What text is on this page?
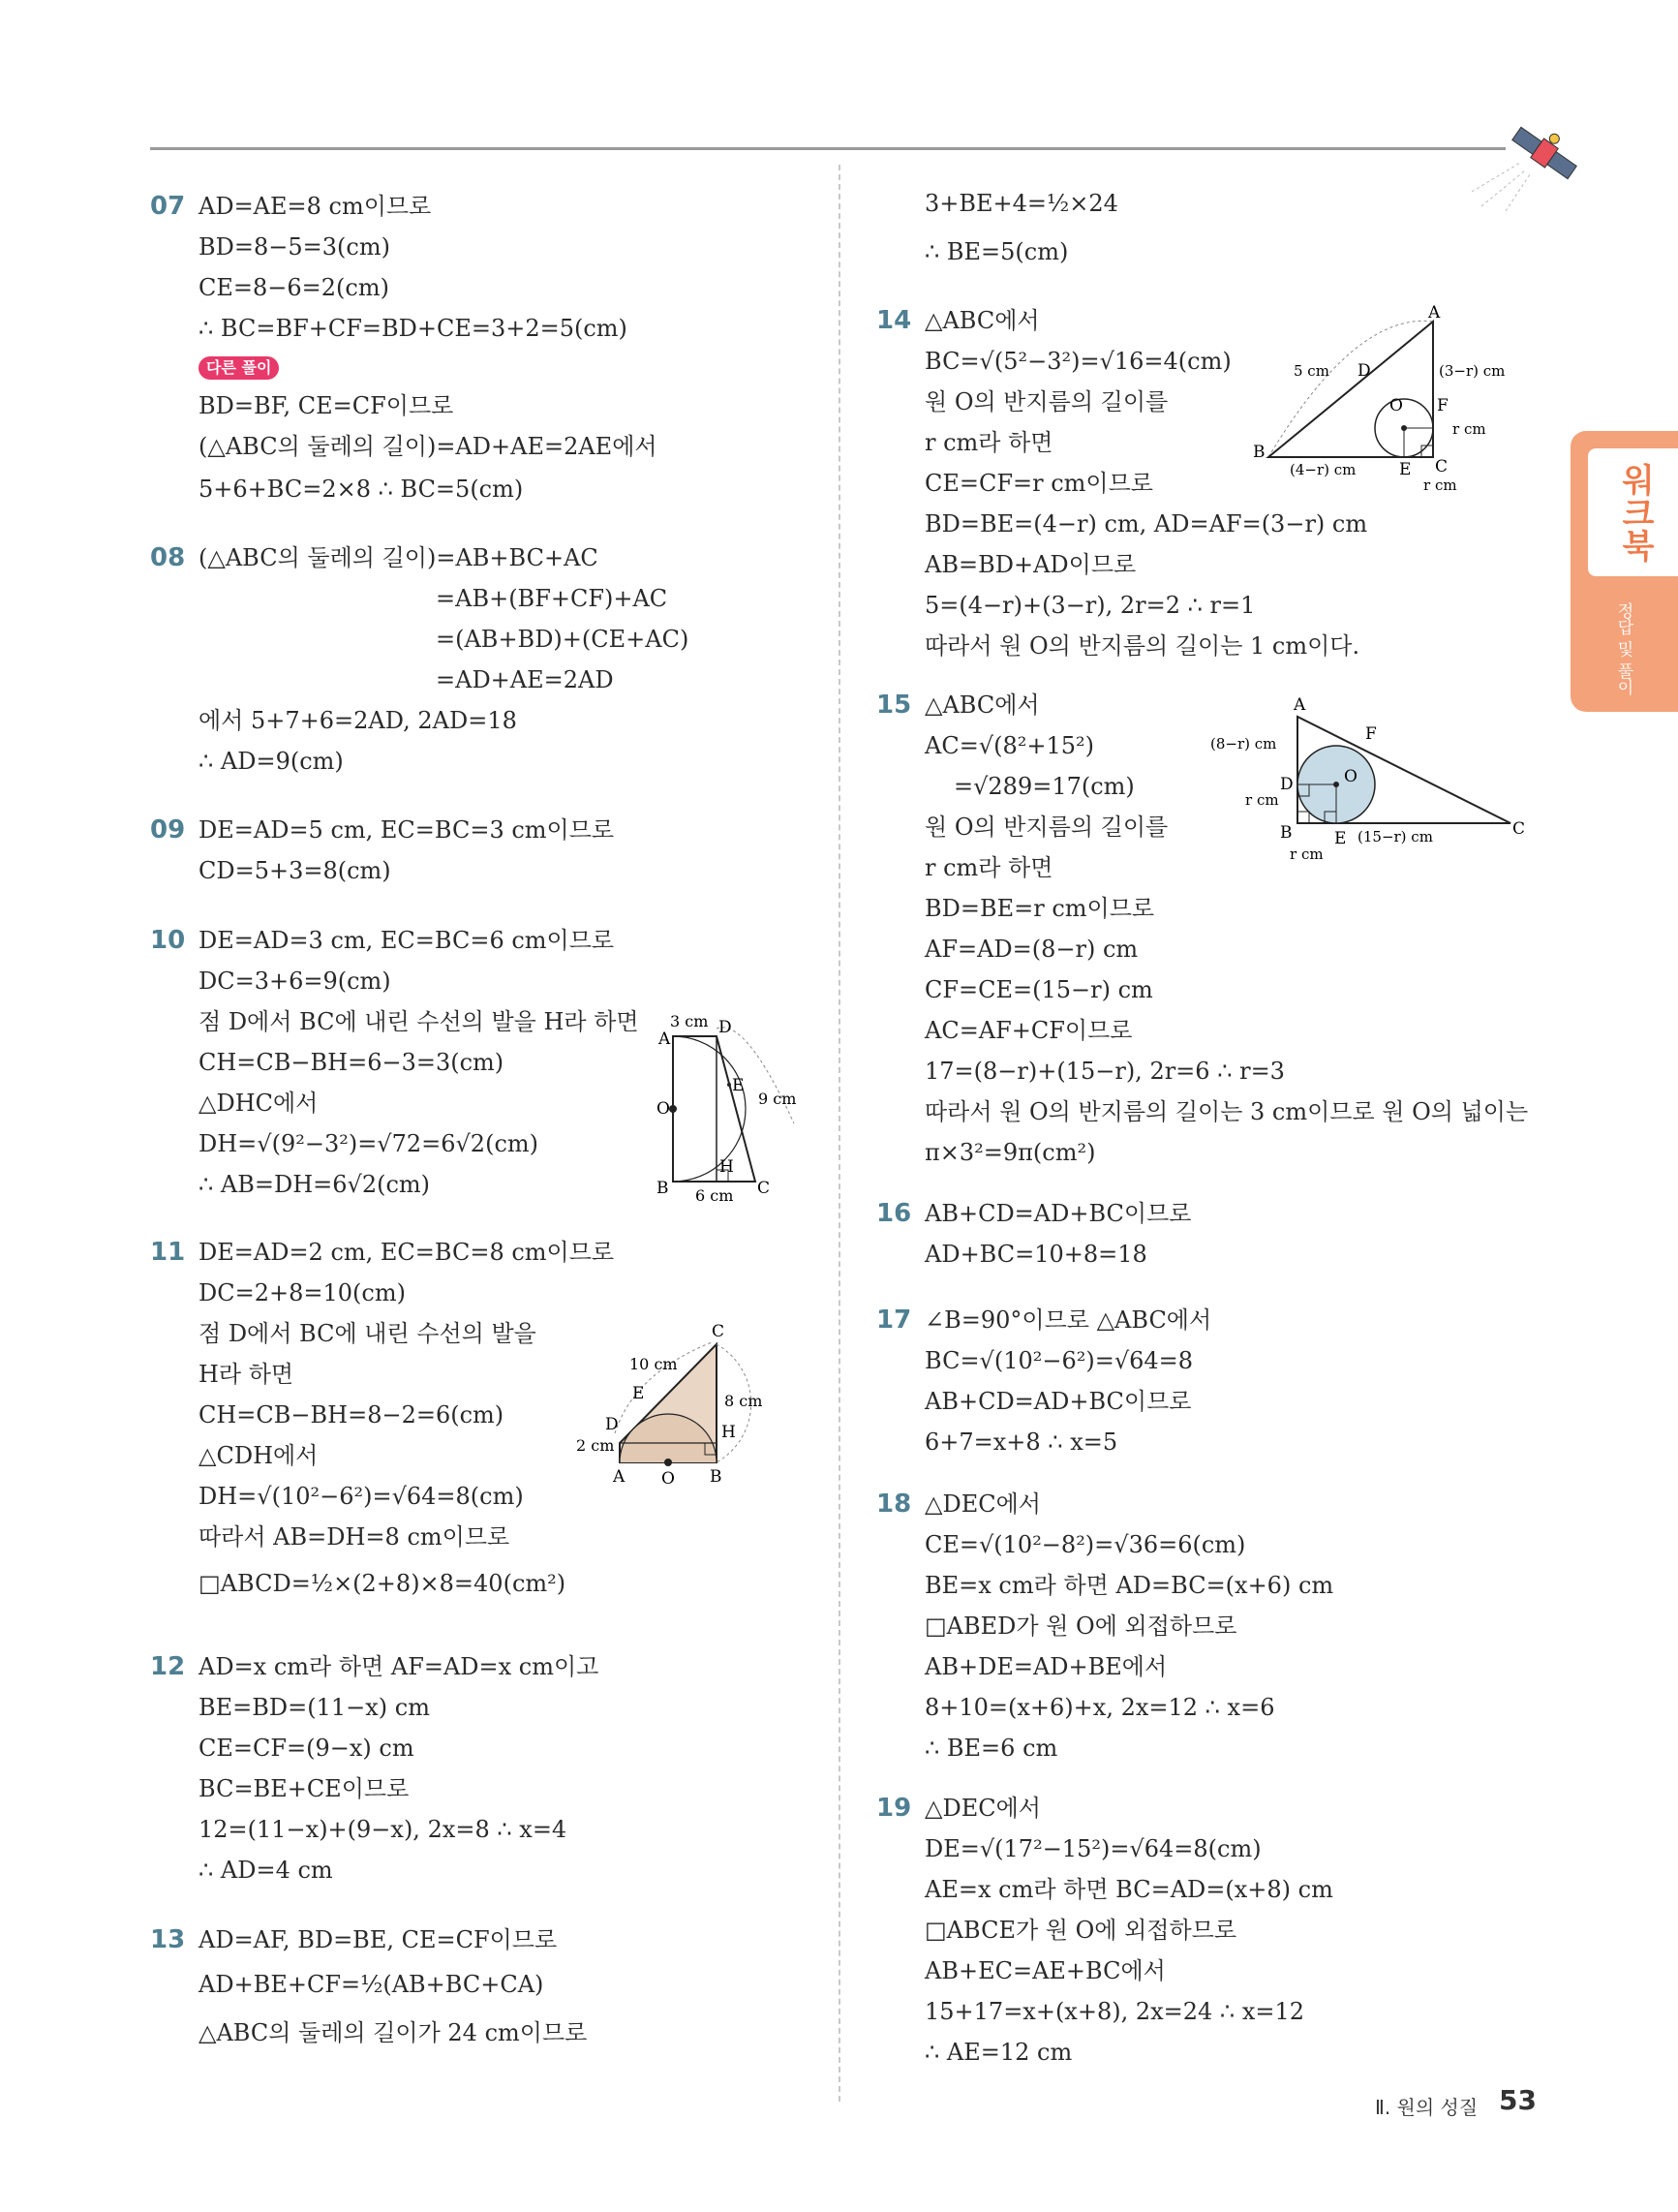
07 AD=AE=8 cm이므로
BD=8−5=3(cm)
CE=8−6=2(cm)
∴ BC=BF+CF=BD+CE=3+2=5(cm)
다른 풀이
BD=BF, CE=CF이므로
(△ABC의 둘레의 길이)=AD+AE=2AE에서
5+6+BC=2×8 ∴ BC=5(cm)
08 (△ABC의 둘레의 길이)=AB+BC+AC
=AB+(BF+CF)+AC
=(AB+BD)+(CE+AC)
=AD+AE=2AD
에서 5+7+6=2AD, 2AD=18
∴ AD=9(cm)
09 DE=AD=5 cm, EC=BC=3 cm이므로
CD=5+3=8(cm)
10 DE=AD=3 cm, EC=BC=6 cm이므로
DC=3+6=9(cm)
점 D에서 BC에 내린 수선의 발을 H라 하면
CH=CB−BH=6−3=3(cm)
△DHC에서
DH=√(9²−3²)=√72=6√2(cm)
∴ AB=DH=6√2(cm)
A
D
E
O
B	C
H
3 cm
9 cm
6 cm
11 DE=AD=2 cm, EC=BC=8 cm이므로
DC=2+8=10(cm)
점 D에서 BC에 내린 수선의 발을
H라 하면
CH=CB−BH=8−2=6(cm)
△CDH에서
DH=√(10²−6²)=√64=8(cm)
따라서 AB=DH=8 cm이므로
□ABCD=½×(2+8)×8=40(cm²)
C
E
D	H
A O B
10 cm
8 cm
2 cm
12 AD=x cm라 하면 AF=AD=x cm이고
BE=BD=(11−x) cm
CE=CF=(9−x) cm
BC=BE+CE이므로
12=(11−x)+(9−x), 2x=8 ∴ x=4
∴ AD=4 cm
13 AD=AF, BD=BE, CE=CF이므로
AD+BE+CF=½(AB+BC+CA)
△ABC의 둘레의 길이가 24 cm이므로
3+BE+4=½×24
∴ BE=5(cm)
14 △ABC에서
BC=√(5²−3²)=√16=4(cm)
원 O의 반지름의 길이를
r cm라 하면
CE=CF=r cm이므로
BD=BE=(4−r) cm, AD=AF=(3−r) cm
AB=BD+AD이므로
5=(4−r)+(3−r), 2r=2 ∴ r=1
따라서 원 O의 반지름의 길이는 1 cm이다.
A
B
C
D
E
F
O
5 cm	(3−r) cm
r cm
(4−r) cm
r cm
15 △ABC에서
AC=√(8²+15²)
=√289=17(cm)
원 O의 반지름의 길이를
r cm라 하면
BD=BE=r cm이므로
AF=AD=(8−r) cm
CF=CE=(15−r) cm
AC=AF+CF이므로
17=(8−r)+(15−r), 2r=6 ∴ r=3
따라서 원 O의 반지름의 길이는 3 cm이므로 원 O의 넓이는
π×3²=9π(cm²)
A
B	C
D
E
F
O
(8−r) cm
r cm
r cm
(15−r) cm
16 AB+CD=AD+BC이므로
AD+BC=10+8=18
17 ∠B=90°이므로 △ABC에서
BC=√(10²−6²)=√64=8
AB+CD=AD+BC이므로
6+7=x+8 ∴ x=5
18 △DEC에서
CE=√(10²−8²)=√36=6(cm)
BE=x cm라 하면 AD=BC=(x+6) cm
□ABED가 원 O에 외접하므로
AB+DE=AD+BE에서
8+10=(x+6)+x, 2x=12 ∴ x=6
∴ BE=6 cm
19 △DEC에서
DE=√(17²−15²)=√64=8(cm)
AE=x cm라 하면 BC=AD=(x+8) cm
□ABCE가 원 O에 외접하므로
AB+EC=AE+BC에서
15+17=x+(x+8), 2x=24 ∴ x=12
∴ AE=12 cm
워크북
정답 및 풀이
Ⅱ. 원의 성질 53
